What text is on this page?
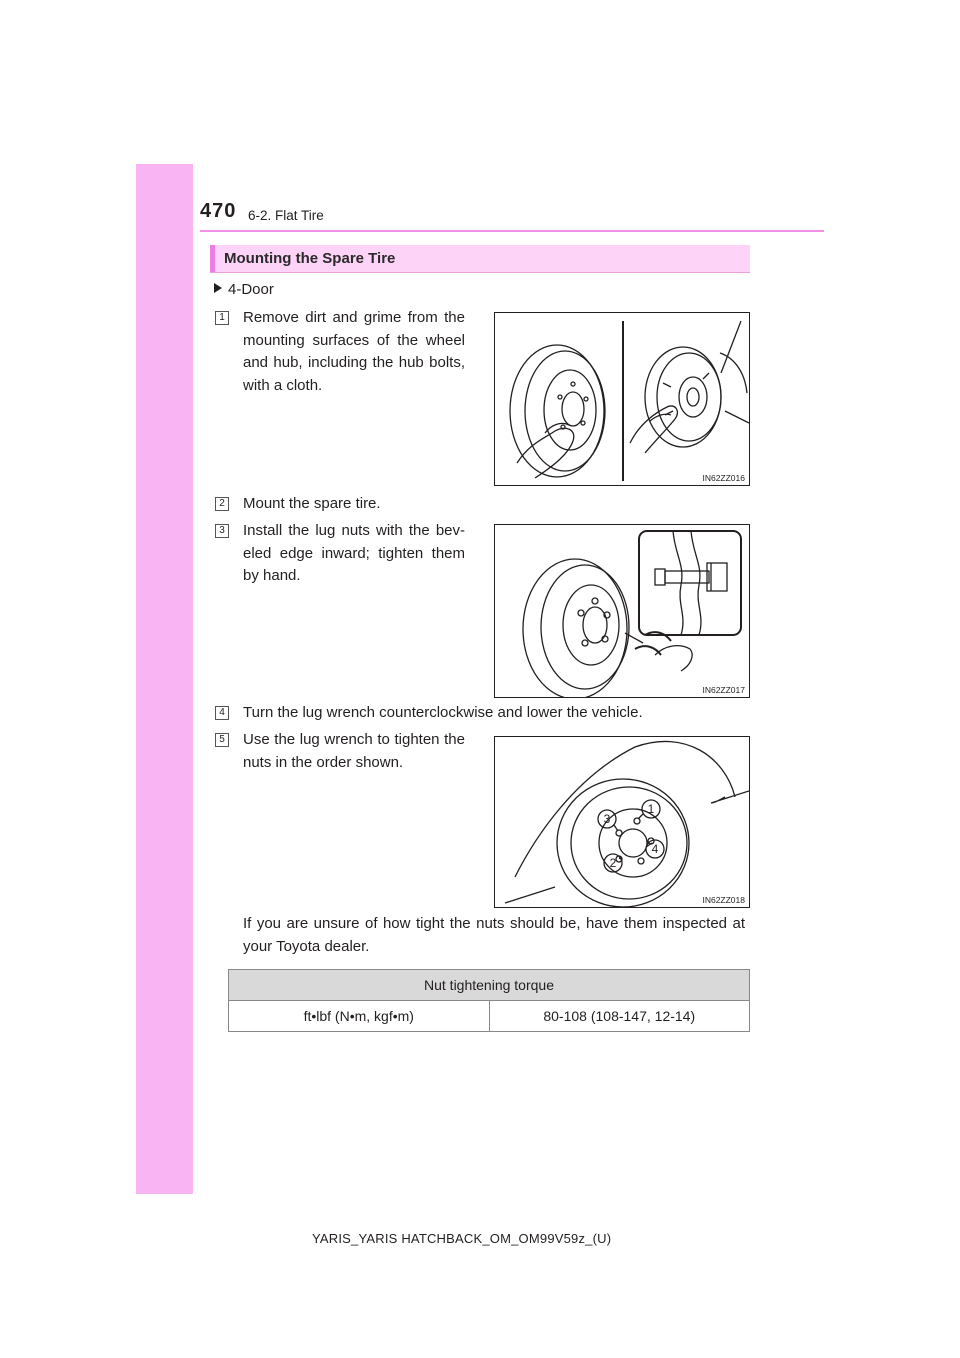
470 6-2. Flat Tire
Mounting the Spare Tire
4-Door
1 Remove dirt and grime from the mounting surfaces of the wheel and hub, including the hub bolts, with a cloth.
IN62ZZ016
2 Mount the spare tire.
3 Install the lug nuts with the bev-eled edge inward; tighten them by hand.
IN62ZZ017
4 Turn the lug wrench counterclockwise and lower the vehicle.
5 Use the lug wrench to tighten the nuts in the order shown.
1
2
3
4
IN62ZZ018
If you are unsure of how tight the nuts should be, have them inspected at your Toyota dealer.
Nut tightening torque
ft•lbf (N•m, kgf•m)	80-108 (108-147, 12-14)
YARIS_YARIS HATCHBACK_OM_OM99V59z_(U)
